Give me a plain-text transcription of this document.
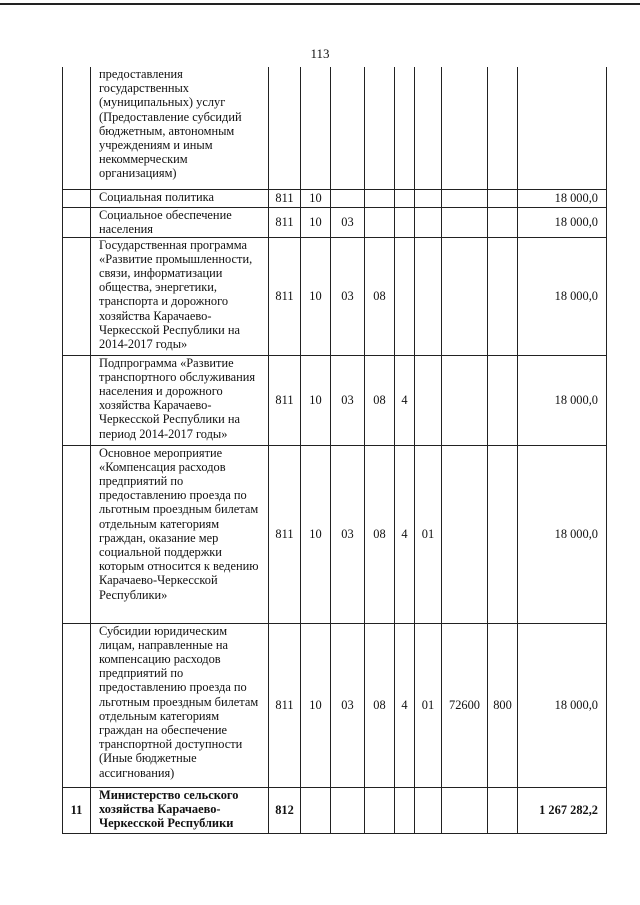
113
	предоставления государственных (муниципальных) услуг (Предоставление субсидий бюджетным, автономным учреждениям и иным некоммерческим организациям)									
	Социальная политика	811	10							18 000,0
	Социальное обеспечение населения	811	10	03						18 000,0
	Государственная программа «Развитие промышленности, связи, информатизации общества, энергетики, транспорта и дорожного хозяйства Карачаево-Черкесской Республики на 2014-2017 годы»	811	10	03	08					18 000,0
	Подпрограмма «Развитие транспортного обслуживания населения и дорожного хозяйства Карачаево-Черкесской Республики на период 2014-2017 годы»	811	10	03	08	4				18 000,0
	Основное мероприятие «Компенсация расходов предприятий по предоставлению проезда по льготным проездным билетам отдельным категориям граждан, оказание мер социальной поддержки которым относится к ведению Карачаево-Черкесской Республики»	811	10	03	08	4	01			18 000,0
	Субсидии юридическим лицам, направленные на компенсацию расходов предприятий по предоставлению проезда по льготным проездным билетам отдельным категориям граждан на обеспечение транспортной доступности (Иные бюджетные ассигнования)	811	10	03	08	4	01	72600	800	18 000,0
11	Министерство сельского хозяйства Карачаево-Черкесской Республики	812								1 267 282,2
